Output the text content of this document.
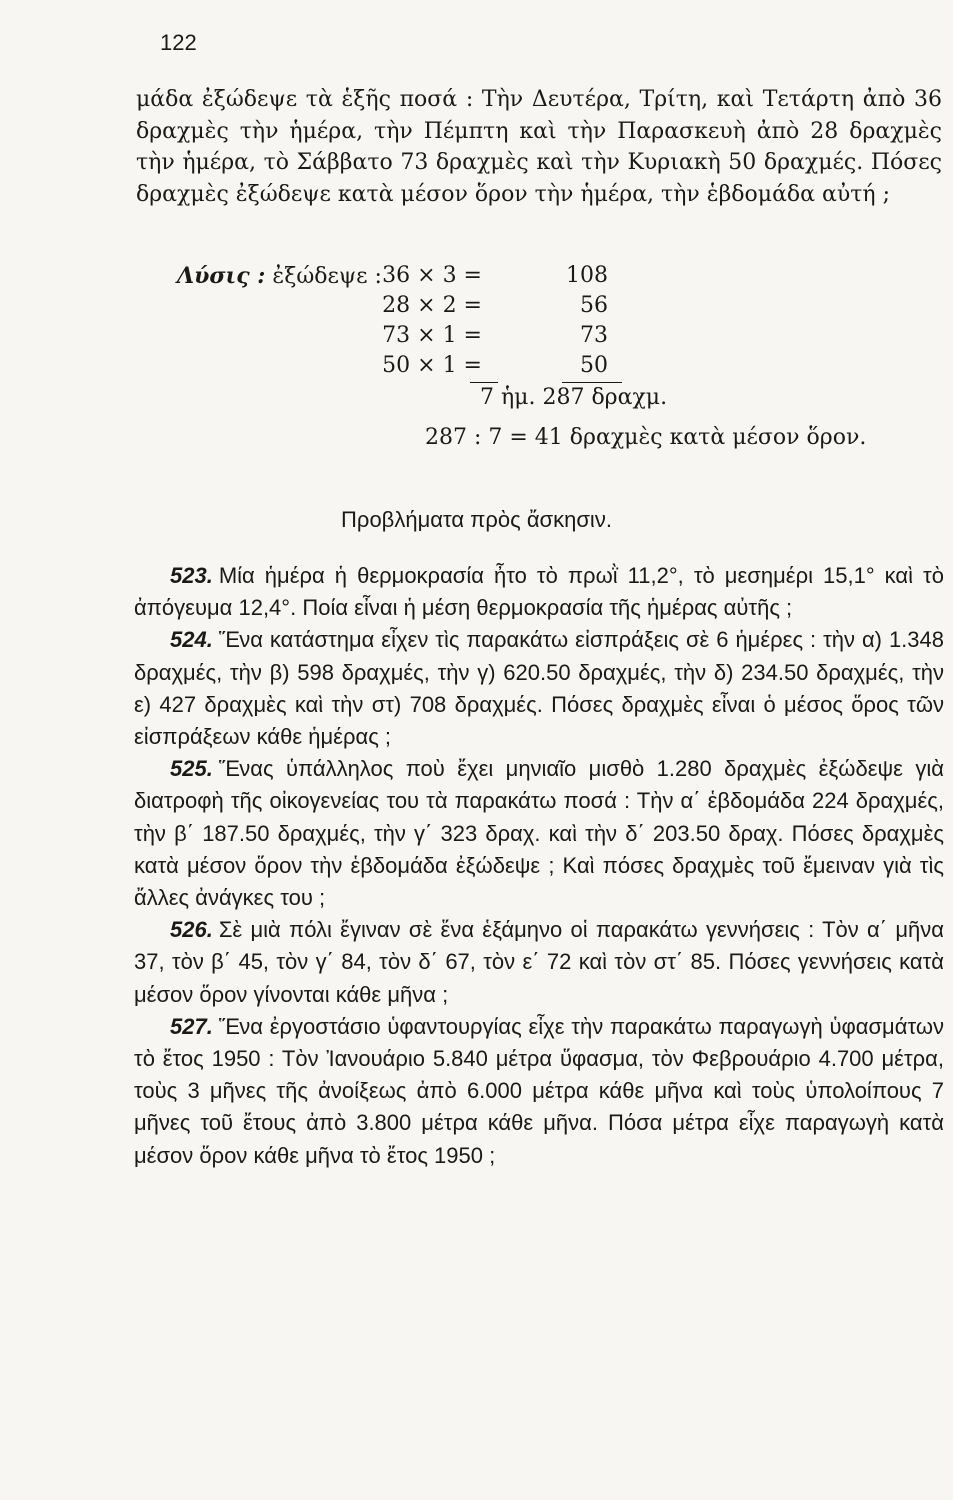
122
μάδα ἐξώδεψε τὰ ἑξῆς ποσά : Τὴν Δευτέρα, Τρίτη, καὶ Τετάρτη ἀπὸ 36 δραχμὲς τὴν ἡμέρα, τὴν Πέμπτη καὶ τὴν Παρασκευὴ ἀπὸ 28 δραχμὲς τὴν ἡμέρα, τὸ Σάββατο 73 δραχμὲς καὶ τὴν Κυριακὴ 50 δραχμές. Πόσες δραχμὲς ἐξώδεψε κατὰ μέσον ὅρον τὴν ἡμέρα, τὴν ἑβδομάδα αὐτή ;
Λύσις : ἐξώδεψε : 36 × 3 =	108
28 × 2 =	56
73 × 1 =	73
50 × 1 =	50
7 ἡμ. 287 δραχμ.
287 : 7 = 41 δραχμὲς κατὰ μέσον ὅρον.
Προβλήματα πρὸς ἄσκησιν.

523. Μία ἡμέρα ἡ θερμοκρασία ἦτο τὸ πρωῒ 11,2°, τὸ μεσημέρι 15,1° καὶ τὸ ἀπόγευμα 12,4°. Ποία εἶναι ἡ μέση θερμοκρασία τῆς ἡμέρας αὐτῆς ;

524. Ἕνα κατάστημα εἶχεν τὶς παρακάτω εἰσπράξεις σὲ 6 ἡμέρες : τὴν α) 1.348 δραχμές, τὴν β) 598 δραχμές, τὴν γ) 620.50 δραχμές, τὴν δ) 234.50 δραχμές, τὴν ε) 427 δραχμὲς καὶ τὴν στ) 708 δραχμές. Πόσες δραχμὲς εἶναι ὁ μέσος ὅρος τῶν εἰσπράξεων κάθε ἡμέρας ;

525. Ἕνας ὑπάλληλος ποὺ ἔχει μηνιαῖο μισθὸ 1.280 δραχμὲς ἐξώδεψε γιὰ διατροφὴ τῆς οἰκογενείας του τὰ παρακάτω ποσά : Τὴν α΄ ἑβδομάδα 224 δραχμές, τὴν β΄ 187.50 δραχμές, τὴν γ΄ 323 δραχ. καὶ τὴν δ΄ 203.50 δραχ. Πόσες δραχμὲς κατὰ μέσον ὅρον τὴν ἑβδομάδα ἐξώδεψε ; Καὶ πόσες δραχμὲς τοῦ ἔμειναν γιὰ τὶς ἄλλες ἀνάγκες του ;

526. Σὲ μιὰ πόλι ἔγιναν σὲ ἕνα ἑξάμηνο οἱ παρακάτω γεννήσεις : Τὸν α΄ μῆνα 37, τὸν β΄ 45, τὸν γ΄ 84, τὸν δ΄ 67, τὸν ε΄ 72 καὶ τὸν στ΄ 85. Πόσες γεννήσεις κατὰ μέσον ὅρον γίνονται κάθε μῆνα ;

527. Ἕνα ἐργοστάσιο ὑφαντουργίας εἶχε τὴν παρακάτω παραγωγὴ ὑφασμάτων τὸ ἔτος 1950 : Τὸν Ἰανουάριο 5.840 μέτρα ὕφασμα, τὸν Φεβρουάριο 4.700 μέτρα, τοὺς 3 μῆνες τῆς ἀνοίξεως ἀπὸ 6.000 μέτρα κάθε μῆνα καὶ τοὺς ὑπολοίπους 7 μῆνες τοῦ ἔτους ἀπὸ 3.800 μέτρα κάθε μῆνα. Πόσα μέτρα εἶχε παραγωγὴ κατὰ μέσον ὅρον κάθε μῆνα τὸ ἔτος 1950 ;
